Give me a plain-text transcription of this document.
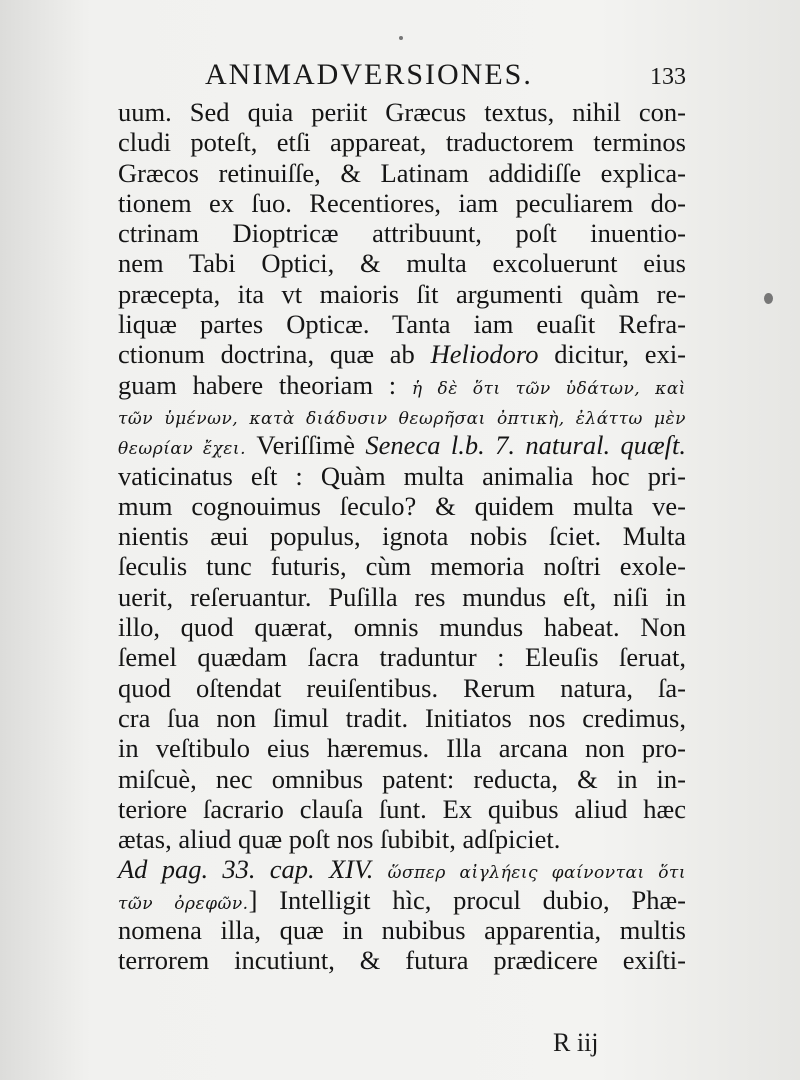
ANIMADVERSIONES.	133
uum. Sed quia periit Græcus textus, nihil con-
cludi poteſt, etſi appareat, traductorem terminos
Græcos retinuiſſe, & Latinam addidiſſe explica-
tionem ex ſuo. Recentiores, iam peculiarem do-
ctrinam Dioptricæ attribuunt, poſt inuentio-
nem Tabi Optici, & multa excoluerunt eius
præcepta, ita vt maioris ſit argumenti quàm re-
liquæ partes Opticæ. Tanta iam euaſit Refra-
ctionum doctrina, quæ ab Heliodoro dicitur, exi-
guam habere theoriam : ἡ δὲ ὅτι τῶν ὑδάτων, καὶ
τῶν ὑμένων, κατὰ διάδυσιν θεωρῆσαι ὀπτικὴ, ἐλάττω μὲν
θεωρίαν ἔχει. Veriſſimè Seneca l.b. 7. natural. quæſt.
vaticinatus eſt : Quàm multa animalia hoc pri-
mum cognouimus ſeculo? & quidem multa ve-
nientis æui populus, ignota nobis ſciet. Multa
ſeculis tunc futuris, cùm memoria noſtri exole-
uerit, reſeruantur. Puſilla res mundus eſt, niſi in
illo, quod quærat, omnis mundus habeat. Non
ſemel quædam ſacra traduntur : Eleuſis ſeruat,
quod oſtendat reuiſentibus. Rerum natura, ſa-
cra ſua non ſimul tradit. Initiatos nos credimus,
in veſtibulo eius hæremus. Illa arcana non pro-
miſcuè, nec omnibus patent: reducta, & in in-
teriore ſacrario clauſa ſunt. Ex quibus aliud hæc
ætas, aliud quæ poſt nos ſubibit, adſpiciet.
Ad pag. 33. cap. XIV. ὥσπερ αἰγλήεις φαίνονται ὅτι
τῶν ὀρεφῶν.] Intelligit hìc, procul dubio, Phæ-
nomena illa, quæ in nubibus apparentia, multis
terrorem incutiunt, & futura prædicere exiſti-
R iij
